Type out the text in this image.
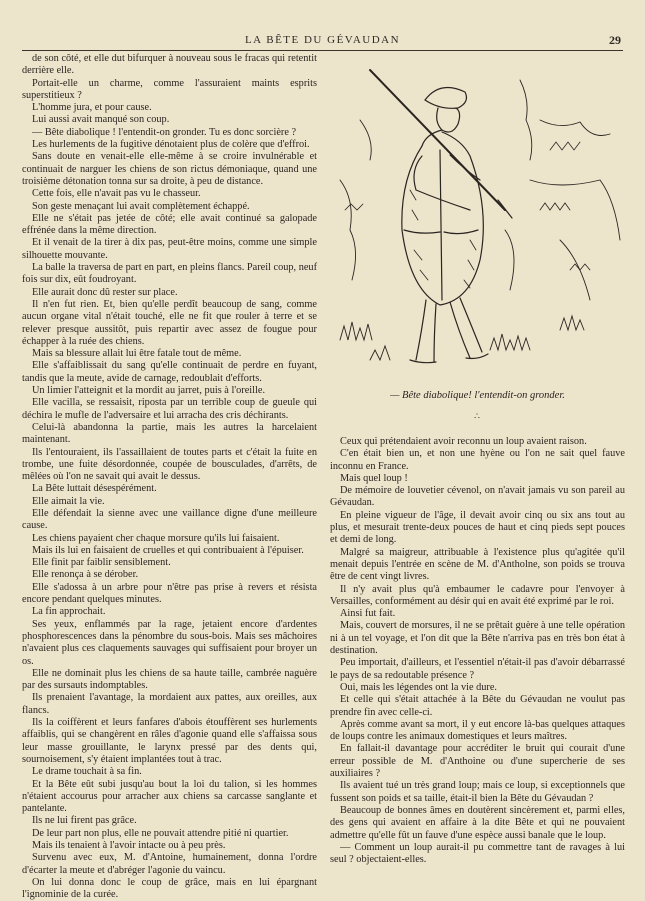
LA BÊTE DU GÉVAUDAN	29

de son côté, et elle dut bifurquer à nouveau sous le fracas qui retentit derrière elle.

Portait-elle un charme, comme l'assuraient maints esprits superstitieux ?

L'homme jura, et pour cause.

Lui aussi avait manqué son coup.

— Bête diabolique ! l'entendit-on gronder. Tu es donc sorcière ?

Les hurlements de la fugitive dénotaient plus de colère que d'effroi.

Sans doute en venait-elle elle-même à se croire invulnérable et continuait de narguer les chiens de son rictus démoniaque, quand une troisième détonation tonna sur sa droite, à peu de distance.

Cette fois, elle n'avait pas vu le chasseur.

Son geste menaçant lui avait complètement échappé.

Elle ne s'était pas jetée de côté; elle avait continué sa galopade effrénée dans la même direction.

Et il venait de la tirer à dix pas, peut-être moins, comme une simple silhouette mouvante.

La balle la traversa de part en part, en pleins flancs. Pareil coup, neuf fois sur dix, eût foudroyant.

Elle aurait donc dû rester sur place.

Il n'en fut rien. Et, bien qu'elle perdît beaucoup de sang, comme aucun organe vital n'était touché, elle ne fit que rouler à terre et se relever presque aussitôt, puis repartir avec assez de fougue pour échapper à la ruée des chiens.

Mais sa blessure allait lui être fatale tout de même.

Elle s'affaiblissait du sang qu'elle continuait de perdre en fuyant, tandis que la meute, avide de carnage, redoublait d'efforts.

Un limier l'atteignit et la mordit au jarret, puis à l'oreille.

Elle vacilla, se ressaisit, riposta par un terrible coup de gueule qui déchira le mufle de l'adversaire et lui arracha des cris déchirants.

Celui-là abandonna la partie, mais les autres la harcelaient maintenant.

Ils l'entouraient, ils l'assaillaient de toutes parts et c'était la fuite en trombe, une fuite désordonnée, coupée de bousculades, d'arrêts, de mêlées où l'on ne savait qui avait le dessus.

La Bête luttait désespérément.

Elle aimait la vie.

Elle défendait la sienne avec une vaillance digne d'une meilleure cause.

Les chiens payaient cher chaque morsure qu'ils lui faisaient.

Mais ils lui en faisaient de cruelles et qui contribuaient à l'épuiser.

Elle finit par faiblir sensiblement.

Elle renonça à se dérober.

Elle s'adossa à un arbre pour n'être pas prise à revers et résista encore pendant quelques minutes.

La fin approchait.

Ses yeux, enflammés par la rage, jetaient encore d'ardentes phosphorescences dans la pénombre du sous-bois. Mais ses mâchoires n'avaient plus ces claquements sauvages qui suffisaient pour broyer un os.

Elle ne dominait plus les chiens de sa haute taille, cambrée naguère par des sursauts indomptables.

Ils prenaient l'avantage, la mordaient aux pattes, aux oreilles, aux flancs.

Ils la coiffèrent et leurs fanfares d'abois étouffèrent ses hurlements affaiblis, qui se changèrent en râles d'agonie quand elle s'affaissa sous leur masse grouillante, le larynx pressé par des dents qui, sournoisement, s'y étaient implantées tout à trac.

Le drame touchait à sa fin.

Et la Bête eût subi jusqu'au bout la loi du talion, si les hommes n'étaient accourus pour arracher aux chiens sa carcasse sanglante et pantelante.

Ils ne lui firent pas grâce.

De leur part non plus, elle ne pouvait attendre pitié ni quartier.

Mais ils tenaient à l'avoir intacte ou à peu près.

Survenu avec eux, M. d'Antoine, humainement, donna l'ordre d'écarter la meute et d'abréger l'agonie du vaincu.

On lui donna donc le coup de grâce, mais en lui épargnant l'ignominie de la curée.

— Bête diabolique! l'entendit-on gronder.
∴

Ceux qui prétendaient avoir reconnu un loup avaient raison.

C'en était bien un, et non une hyène ou l'on ne sait quel fauve inconnu en France.

Mais quel loup !

De mémoire de louvetier cévenol, on n'avait jamais vu son pareil au Gévaudan.

En pleine vigueur de l'âge, il devait avoir cinq ou six ans tout au plus, et mesurait trente-deux pouces de haut et cinq pieds sept pouces et demi de long.

Malgré sa maigreur, attribuable à l'existence plus qu'agitée qu'il menait depuis l'entrée en scène de M. d'Antholne, son poids se trouva être de cent vingt livres.

Il n'y avait plus qu'à embaumer le cadavre pour l'envoyer à Versailles, conformément au désir qui en avait été exprimé par le roi.

Ainsi fut fait.

Mais, couvert de morsures, il ne se prêtait guère à une telle opération ni à un tel voyage, et l'on dit que la Bête n'arriva pas en très bon état à destination.

Peu importait, d'ailleurs, et l'essentiel n'était-il pas d'avoir débarrassé le pays de sa redoutable présence ?

Oui, mais les légendes ont la vie dure.

Et celle qui s'était attachée à la Bête du Gévaudan ne voulut pas prendre fin avec celle-ci.

Après comme avant sa mort, il y eut encore là-bas quelques attaques de loups contre les animaux domestiques et leurs maîtres.

En fallait-il davantage pour accréditer le bruit qui courait d'une erreur possible de M. d'Anthoine ou d'une supercherie de ses auxiliaires ?

Ils avaient tué un très grand loup; mais ce loup, si exceptionnels que fussent son poids et sa taille, était-il bien la Bête du Gévaudan ?

Beaucoup de bonnes âmes en doutèrent sincèrement et, parmi elles, des gens qui avaient en affaire à la dite Bête et qui ne pouvaient admettre qu'elle fût un fauve d'une espèce aussi banale que le loup.

— Comment un loup aurait-il pu commettre tant de ravages à lui seul ? objectaient-elles.
